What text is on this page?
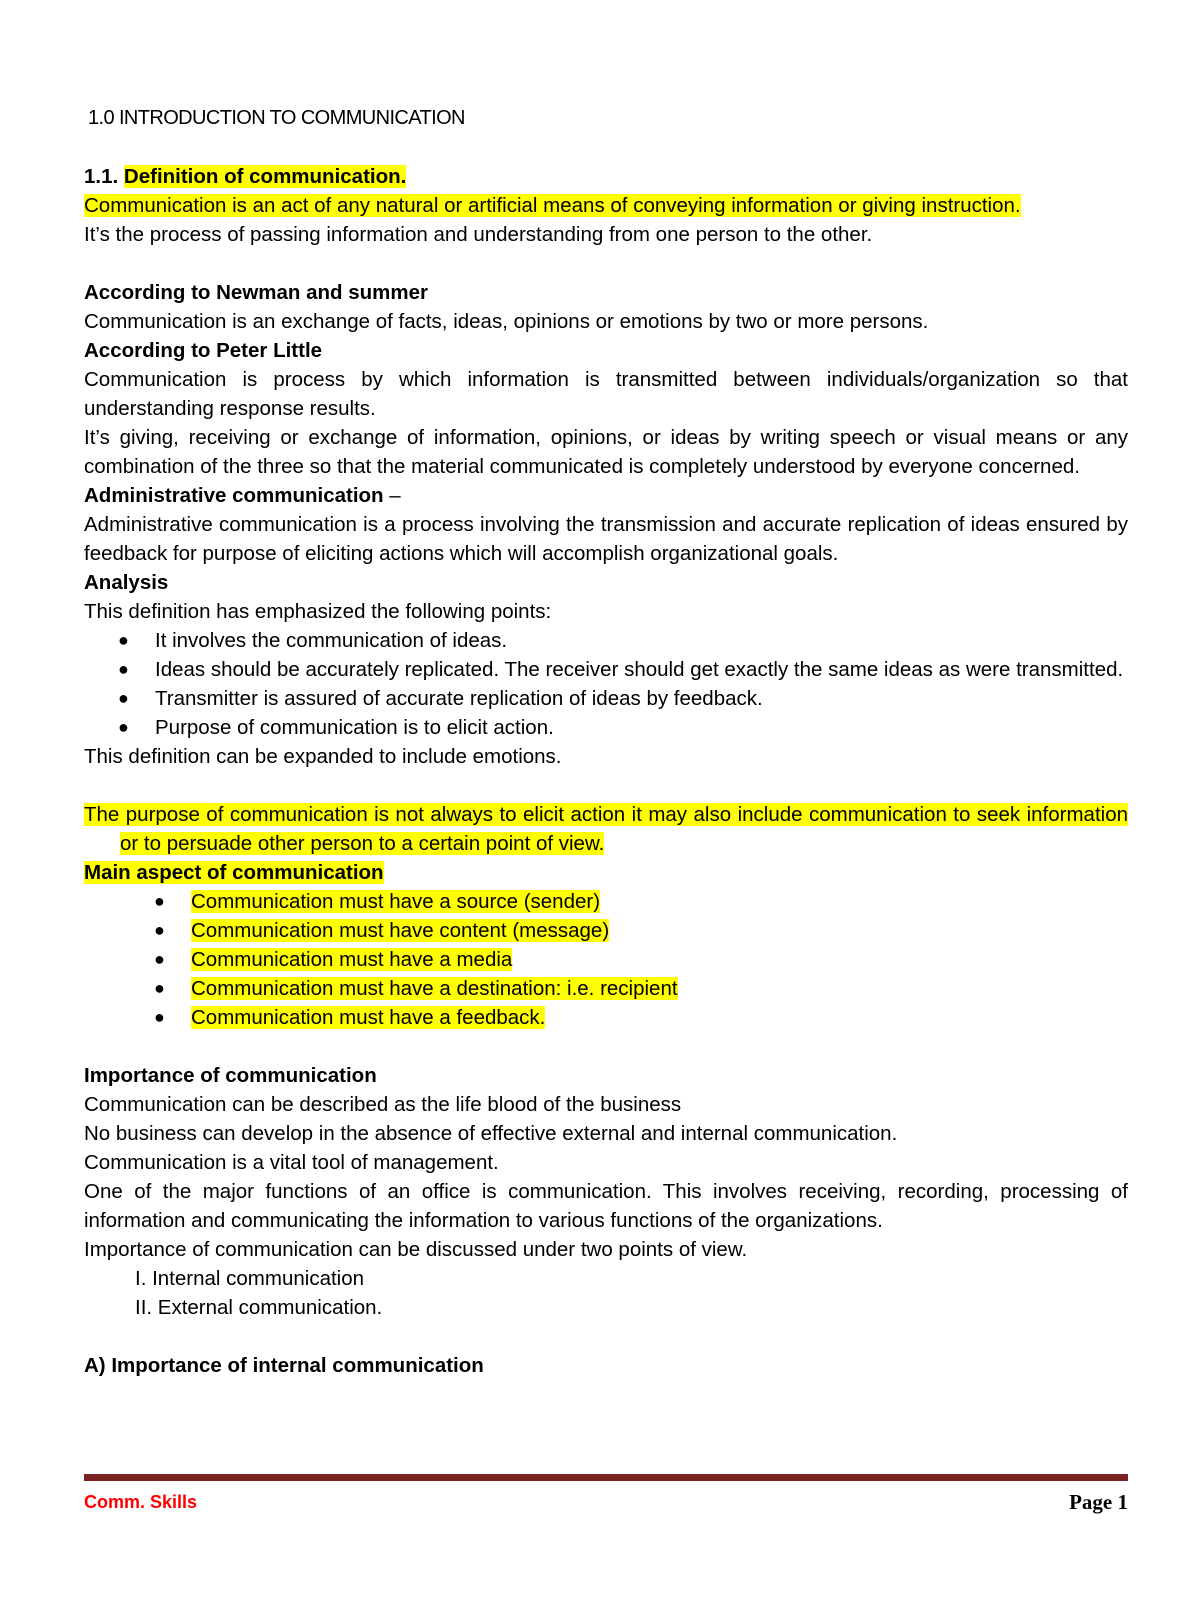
1.0 INTRODUCTION TO COMMUNICATION

1.1. Definition of communication.

Communication is an act of any natural or artificial means of conveying information or giving instruction.

It’s the process of passing information and understanding from one person to the other.

According to Newman and summer

Communication is an exchange of facts, ideas, opinions or emotions by two or more persons.

According to Peter Little

Communication is process by which information is transmitted between individuals/organization so that understanding response results.

It’s giving, receiving or exchange of information, opinions, or ideas by writing speech or visual means or any combination of the three so that the material communicated is completely understood by everyone concerned.

Administrative communication –

Administrative communication is a process involving the transmission and accurate replication of ideas ensured by feedback for purpose of eliciting actions which will accomplish organizational goals.

Analysis

This definition has emphasized the following points:

● It involves the communication of ideas.
● Ideas should be accurately replicated. The receiver should get exactly the same ideas as were transmitted.
● Transmitter is assured of accurate replication of ideas by feedback.
● Purpose of communication is to elicit action.

This definition can be expanded to include emotions.

The purpose of communication is not always to elicit action it may also include communication to seek information or to persuade other person to a certain point of view.

Main aspect of communication

● Communication must have a source (sender)
● Communication must have content (message)
● Communication must have a media
● Communication must have a destination: i.e. recipient
● Communication must have a feedback.

Importance of communication

Communication can be described as the life blood of the business

No business can develop in the absence of effective external and internal communication.

Communication is a vital tool of management.

One of the major functions of an office is communication. This involves receiving, recording, processing of information and communicating the information to various functions of the organizations.

Importance of communication can be discussed under two points of view.

I. Internal communication

II. External communication.

A) Importance of internal communication

Comm. Skills	Page 1
